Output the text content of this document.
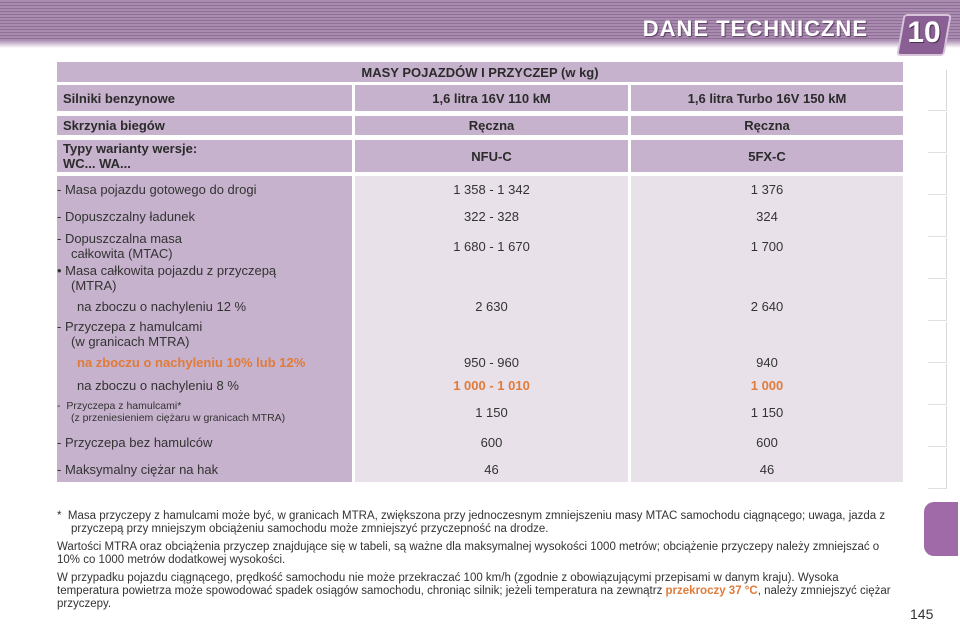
DANE TECHNICZNE 10
MASY POJAZDÓW I PRZYCZEP (w kg)		

Silniki benzynowe	1,6 litra 16V 110 kM	1,6 litra Turbo 16V 150 kM

Skrzynia biegów	Ręczna	Ręczna

Typy warianty wersje:
WC... WA...	NFU-C	5FX-C

- Masa pojazdu gotowego do drogi	1 358 - 1 342	1 376
- Dopuszczalny ładunek	322 - 328	324

- Dopuszczalna masa
całkowita (MTAC)	1 680 - 1 670	1 700

• Masa całkowita pojazdu z przyczepą
(MTRA)		

na zboczu o nachyleniu 12 %	2 630	2 640

- Przyczepa z hamulcami
(w granicach MTRA)		

na zboczu o nachyleniu 10% lub 12%	950 - 960	940
na zboczu o nachyleniu 8 %	1 000 - 1 010	1 000

-  Przyczepa z hamulcami*
(z przeniesieniem ciężaru w granicach MTRA)	1 150	1 150
- Przyczepa bez hamulców	600	600
- Maksymalny ciężar na hak	46	46

* Masa przyczepy z hamulcami może być, w granicach MTRA, zwiększona przy jednoczesnym zmniejszeniu masy MTAC samochodu ciągnącego; uwaga, jazda z przyczepą przy mniejszym obciążeniu samochodu może zmniejszyć przyczepność na drodze.

Wartości MTRA oraz obciążenia przyczep znajdujące się w tabeli, są ważne dla maksymalnej wysokości 1000 metrów; obciążenie przyczepy należy zmniejszać o 10% co 1000 metrów dodatkowej wysokości.

W przypadku pojazdu ciągnącego, prędkość samochodu nie może przekraczać 100 km/h (zgodnie z obowiązującymi przepisami w danym kraju). Wysoka temperatura powietrza może spowodować spadek osiągów samochodu, chroniąc silnik; jeżeli temperatura na zewnątrz przekroczy 37 °C, należy zmniejszyć ciężar przyczepy.

145
